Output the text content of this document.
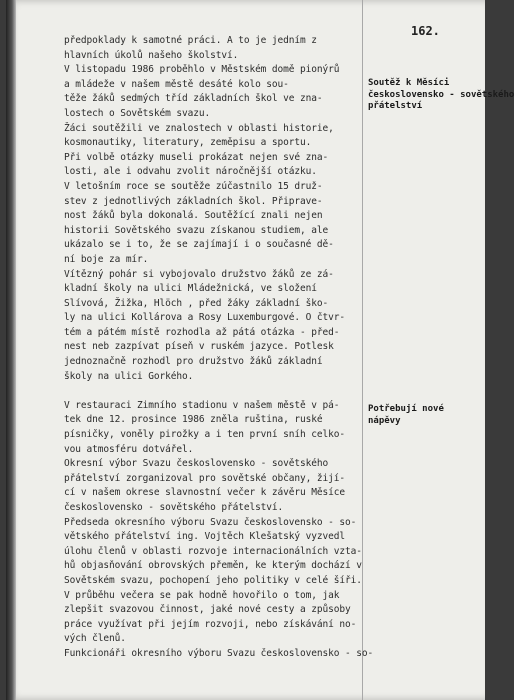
162.
Soutěž k Měsíci
československo - sovětského
přátelství
Potřebují nové
nápěvy
předpoklady k samotné práci. A to je jedním z
hlavních úkolů našeho školství.
V listopadu 1986 proběhlo v Městském domě pionýrů
a mládeže v našem městě desáté kolo sou-
těže žáků sedmých tříd základních škol ve zna-
lostech o Sovětském svazu.
Žáci soutěžili ve znalostech v oblasti historie,
kosmonautiky, literatury, zeměpisu a sportu.
Při volbě otázky museli prokázat nejen své zna-
losti, ale i odvahu zvolit náročnější otázku.
V letošním roce se soutěže zúčastnilo 15 druž-
stev z jednotlivých základních škol. Připrave-
nost žáků byla dokonalá. Soutěžící znali nejen
historii Sovětského svazu získanou studiem, ale
ukázalo se i to, že se zajímají i o současné dě-
ní boje za mír.
Vítězný pohár si vybojovalo družstvo žáků ze zá-
kladní školy na ulici Mládežnická, ve složení
Slívová, Žižka, Hlöch , před žáky základní ško-
ly na ulici Kollárova a Rosy Luxemburgové. O čtvr-
tém a pátém místě rozhodla až pátá otázka - před-
nest neb zazpívat píseň v ruském jazyce. Potlesk
jednoznačně rozhodl pro družstvo žáků základní
školy na ulici Gorkého.
V restauraci Zimního stadionu v našem městě v pá-
tek dne 12. prosince 1986 zněla ruština, ruské
písničky, voněly pirožky a i ten první sníh celko-
vou atmosféru dotvářel.
Okresní výbor Svazu československo - sovětského
přátelství zorganizoval pro sovětské občany, žijí-
cí v našem okrese slavnostní večer k závěru Měsíce
československo - sovětského přátelství.
Předseda okresního výboru Svazu československo - so-
větského přátelství ing. Vojtěch Klešatský vyzvedl
úlohu členů v oblasti rozvoje internacionálních vzta-
hů objasňování obrovských přeměn, ke kterým dochází v
Sovětském svazu, pochopení jeho politiky v celé šíři.
V průběhu večera se pak hodně hovořilo o tom, jak
zlepšit svazovou činnost, jaké nové cesty a způsoby
práce využívat při jejím rozvoji, nebo získávání no-
vých členů.
Funkcionáři okresního výboru Svazu československo - so-
